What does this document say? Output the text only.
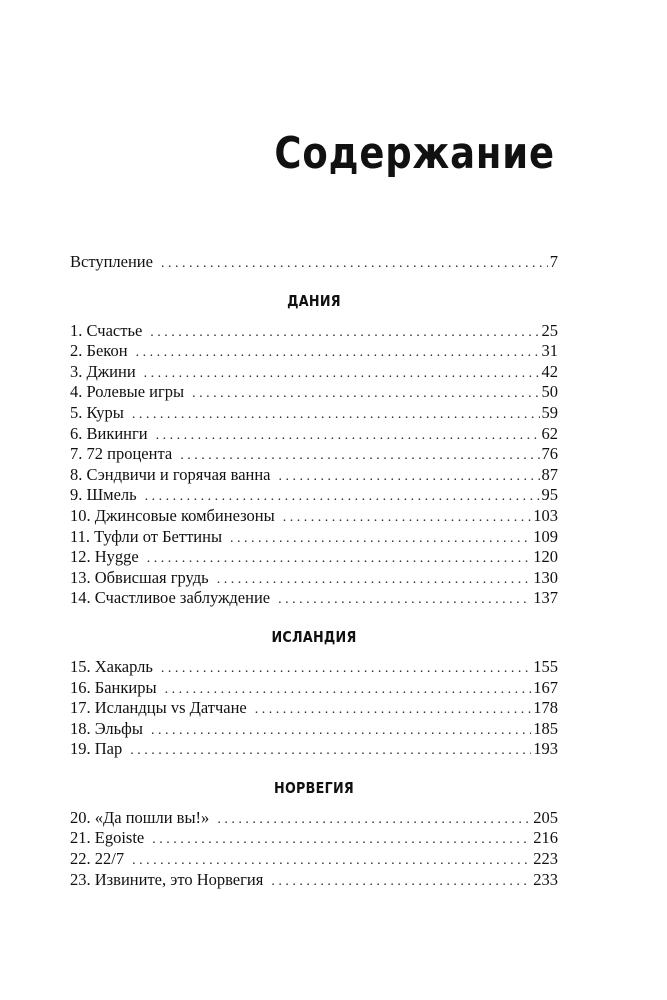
Содержание
Вступление . . .	7
ДАНИЯ
1. Счастье . . .	25
2. Бекон . . .	31
3. Джини . . .	42
4. Ролевые игры . . .	50
5. Куры . . .	59
6. Викинги . . .	62
7. 72 процента . . .	76
8. Сэндвичи и горячая ванна . . .	87
9. Шмель . . .	95
10. Джинсовые комбинезоны . . .	103
11. Туфли от Беттины . . .	109
12. Hygge . . .	120
13. Обвисшая грудь . . .	130
14. Счастливое заблуждение . . .	137
ИСЛАНДИЯ
15. Хакарль . . .	155
16. Банкиры . . .	167
17. Исландцы vs Датчане . . .	178
18. Эльфы . . .	185
19. Пар . . .	193
НОРВЕГИЯ
20. «Да пошли вы!» . . .	205
21. Egoiste . . .	216
22. 22/7 . . .	223
23. Извините, это Норвегия . . .	233
